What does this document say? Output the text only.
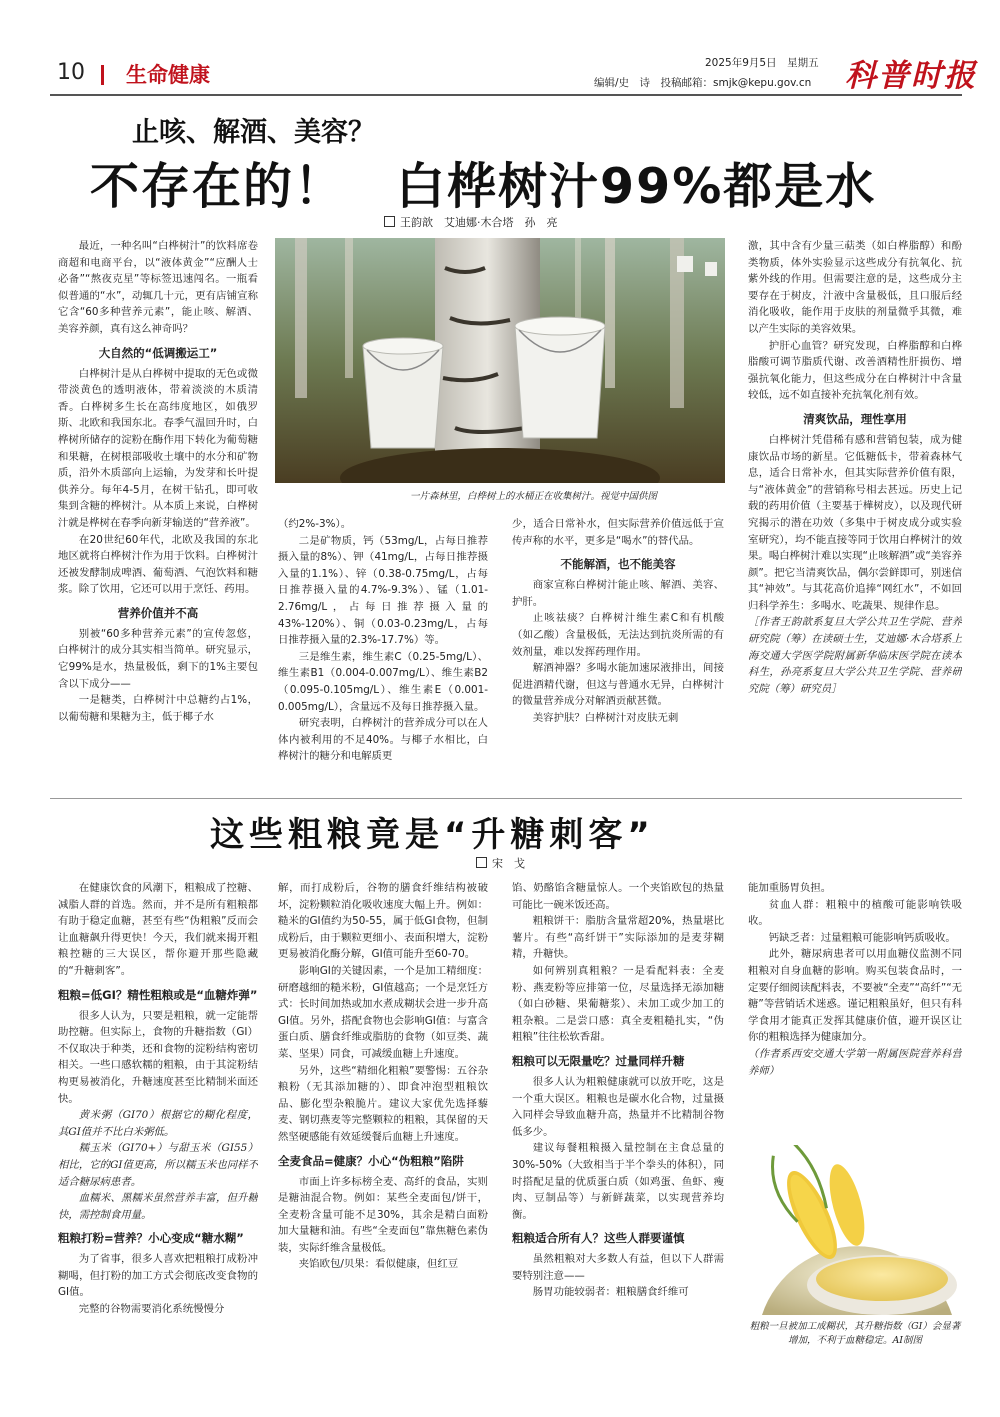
10 生命健康	2025年9月5日　星期五
编辑/史　诗　投稿邮箱：smjk@kepu.gov.cn 科普时报
止咳、解酒、美容？
不存在的！　白桦树汁99%都是水
王韵歆　艾迪娜·木合塔　孙　亮
一片森林里，白桦树上的水桶正在收集树汁。视觉中国供图

最近，一种名叫“白桦树汁”的饮料席卷商超和电商平台，以“液体黄金”“应酬人士必备”“熬夜克星”等标签迅速闯名。一瓶看似普通的“水”，动辄几十元，更有店铺宣称它含“60多种营养元素”，能止咳、解酒、美容养颜，真有这么神奇吗？

大自然的“低调搬运工”

白桦树汁是从白桦树中提取的无色或微带淡黄色的透明液体，带着淡淡的木质清香。白桦树多生长在高纬度地区，如俄罗斯、北欧和我国东北。春季气温回升时，白桦树所储存的淀粉在酶作用下转化为葡萄糖和果糖，在树根部吸收土壤中的水分和矿物质，沿外木质部向上运输，为发芽和长叶提供养分。每年4-5月，在树干钻孔，即可收集到含糖的桦树汁。从本质上来说，白桦树汁就是桦树在春季向新芽输送的“营养液”。

在20世纪60年代，北欧及我国的东北地区就将白桦树汁作为用于饮料。白桦树汁还被发酵制成啤酒、葡萄酒、气泡饮料和糖浆。除了饮用，它还可以用于烹饪、药用。

营养价值并不高

别被“60多种营养元素”的宣传忽悠，白桦树汁的成分其实相当简单。研究显示，它99%是水，热量极低，剩下的1%主要包含以下成分——

一是糖类，白桦树汁中总糖约占1%，以葡萄糖和果糖为主，低于椰子水

（约2%-3%）。

二是矿物质，钙（53mg/L，占每日推荐摄入量的8%）、钾（41mg/L，占每日推荐摄入量的1.1%）、锌（0.38-0.75mg/L，占每日推荐摄入量的4.7%-9.3%）、锰（1.01-2.76mg/L，占每日推荐摄入量的43%-120%）、铜（0.03-0.23mg/L，占每日推荐摄入量的2.3%-17.7%）等。

三是维生素，维生素C（0.25-5mg/L）、维生素B1（0.004-0.007mg/L）、维生素B2（0.095-0.105mg/L）、维生素E（0.001-0.005mg/L），含量远不及每日推荐摄入量。

研究表明，白桦树汁的营养成分可以在人体内被利用的不足40%。与椰子水相比，白桦树汁的糖分和电解质更

少，适合日常补水，但实际营养价值远低于宣传声称的水平，更多是“喝水”的替代品。

不能解酒，也不能美容

商家宣称白桦树汁能止咳、解酒、美容、护肝。

止咳祛痰？白桦树汁维生素C和有机酸（如乙酸）含量极低，无法达到抗炎所需的有效剂量，难以发挥药理作用。

解酒神器？多喝水能加速尿液排出，间接促进酒精代谢，但这与普通水无异，白桦树汁的微量营养成分对解酒贡献甚微。

美容护肤？白桦树汁对皮肤无刺

激，其中含有少量三萜类（如白桦脂醇）和酚类物质，体外实验显示这些成分有抗氧化、抗紫外线的作用。但需要注意的是，这些成分主要存在于树皮，汁液中含量极低，且口服后经消化吸收，能作用于皮肤的剂量微乎其微，难以产生实际的美容效果。

护肝心血管？研究发现，白桦脂醇和白桦脂酸可调节脂质代谢、改善酒精性肝损伤、增强抗氧化能力，但这些成分在白桦树汁中含量较低，远不如直接补充抗氧化剂有效。

清爽饮品，理性享用

白桦树汁凭借稀有感和营销包装，成为健康饮品市场的新星。它低糖低卡，带着森林气息，适合日常补水，但其实际营养价值有限，与“液体黄金”的营销称号相去甚远。历史上记载的药用价值（主要基于樺树皮），以及现代研究揭示的潜在功效（多集中于树皮成分或实验室研究），均不能直接等同于饮用白桦树汁的效果。喝白桦树汁难以实现“止咳解酒”或“美容养颜”。把它当清爽饮品，偶尔尝鲜即可，别迷信其“神效”。与其花高价追捧“网红水”，不如回归科学养生：多喝水、吃蔬果、规律作息。

［作者王韵歆系复旦大学公共卫生学院、营养研究院（筹）在读硕士生，艾迪娜·木合塔系上海交通大学医学院附属新华临床医学院在读本科生，孙亮系复旦大学公共卫生学院、营养研究院（筹）研究员］

这些粗粮竟是“升糖刺客”
宋　戈

在健康饮食的风潮下，粗粮成了控糖、减脂人群的首选。然而，并不是所有粗粮都有助于稳定血糖，甚至有些“伪粗粮”反而会让血糖飙升得更快！今天，我们就来揭开粗粮控糖的三大误区，帮你避开那些隐藏的“升糖刺客”。

粗粮=低GI？精性粗粮或是“血糖炸弹”

很多人认为，只要是粗粮，就一定能帮助控糖。但实际上，食物的升糖指数（GI）不仅取决于种类，还和食物的淀粉结构密切相关。一些口感软糯的粗粮，由于其淀粉结构更易被消化，升糖速度甚至比精制米面还快。

黄米粥（GI70）根据它的糊化程度，其GI值并不比白米粥低。

糯玉米（GI70+）与甜玉米（GI55）相比，它的GI值更高，所以糯玉米也同样不适合糖尿病患者。

血糯米、黑糯米虽然营养丰富，但升糖快，需控制食用量。

粗粮打粉=营养？小心变成“糖水糊”

为了省事，很多人喜欢把粗粮打成粉冲糊喝，但打粉的加工方式会彻底改变食物的GI值。

完整的谷物需要消化系统慢慢分

解，而打成粉后，谷物的膳食纤维结构被破坏，淀粉颗粒消化吸收速度大幅上升。例如：糙米的GI值约为50-55，属于低GI食物，但制成粉后，由于颗粒更细小、表面积增大，淀粉更易被消化酶分解，GI值可能升至60-70。

影响GI的关键因素，一个是加工精细度：研磨越细的糙米粉，GI值越高；一个是烹饪方式：长时间加热或加水煮成糊状会进一步升高GI值。另外，搭配食物也会影响GI值：与富含蛋白质、膳食纤维或脂肪的食物（如豆类、蔬菜、坚果）同食，可减缓血糖上升速度。

另外，这些“精细化粗粮”要警惕：五谷杂粮粉（无其添加糖的）、即食冲泡型粗粮饮品、膨化型杂粮脆片。建议大家优先选择藜麦、钢切燕麦等完整颗粒的粗粮，其保留的天然坚硬感能有效延缓餐后血糖上升速度。

全麦食品=健康？小心“伪粗粮”陷阱

市面上许多标榜全麦、高纤的食品，实则是糖油混合物。例如：某些全麦面包/饼干，全麦粉含量可能不足30%，其余是精白面粉加大量糖和油。有些“全麦面包”靠焦糖色素伪装，实际纤维含量极低。

夹馅欧包/贝果：看似健康，但红豆

馅、奶酪馅含糖量惊人。一个夹馅欧包的热量可能比一碗米饭还高。

粗粮饼干：脂肪含量常超20%，热量堪比薯片。有些“高纤饼干”实际添加的是麦芽糊精，升糖快。

如何辨别真粗粮？一是看配料表：全麦粉、燕麦粉等应排第一位，尽量选择无添加糖（如白砂糖、果葡糖浆）、未加工或少加工的粗杂粮。二是尝口感：真全麦粗糙扎实，“伪粗粮”往往松软香甜。

粗粮可以无限量吃？过量同样升糖

很多人认为粗粮健康就可以放开吃，这是一个重大误区。粗粮也是碳水化合物，过量摄入同样会导致血糖升高，热量并不比精制谷物低多少。

建议每餐粗粮摄入量控制在主食总量的30%-50%（大致相当于半个拳头的体积），同时搭配足量的优质蛋白质（如鸡蛋、鱼虾、瘦肉、豆制品等）与新鲜蔬菜，以实现营养均衡。

粗粮适合所有人？这些人群要谨慎

虽然粗粮对大多数人有益，但以下人群需要特别注意——

肠胃功能较弱者：粗粮膳食纤维可

能加重肠胃负担。

贫血人群：粗粮中的植酸可能影响铁吸收。

钙缺乏者：过量粗粮可能影响钙质吸收。

此外，糖尿病患者可以用血糖仪监测不同粗粮对自身血糖的影响。购买包装食品时，一定要仔细阅读配料表，不要被“全麦”“高纤”“无糖”等营销话术迷惑。谨记粗粮虽好，但只有科学食用才能真正发挥其健康价值，避开误区让你的粗粮选择为健康加分。

（作者系西安交通大学第一附属医院营养科营养师）

粗粮一旦被加工成糊状，其升糖指数（GI）会显著增加，不利于血糖稳定。AI制图
